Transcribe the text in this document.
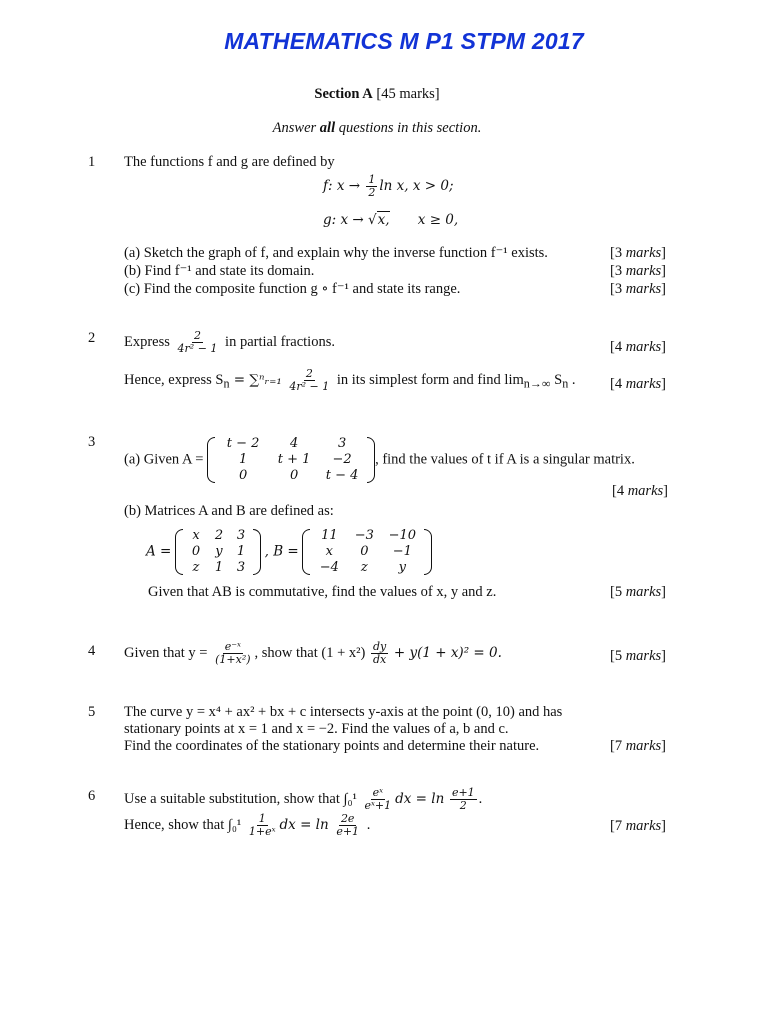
MATHEMATICS M P1 STPM 2017
Section A [45 marks]
Answer all questions in this section.
1 The functions f and g are defined by
f: $x \to \frac{1}{2}$ ln x, x > 0;
g: x → √x, x ≥ 0,
(a) Sketch the graph of f, and explain why the inverse function f⁻¹ exists.	[3 marks]
(b) Find f⁻¹ and state its domain.	[3 marks]
(c) Find the composite function g ∘ f⁻¹ and state its range.	[3 marks]
2 Express $\frac{2}{\text{4r² − 1}}$ in partial fractions.	[4 marks]
Hence, express $S_n$ = ∑ⁿᵣ₌₁ $\frac{2}{\text{4r² − 1}}$ in its simplest form and find $\lim_{n\to\infty} S_n$ . [4 marks]
3
(a) Given A =
t − 2	4	3
1	t + 1	−2
0	0	t − 4
, find the values of t if A is a singular matrix.
[4 marks]
(b) Matrices A and B are defined as:
A =
x	2	3
0	y	1
z	1	3
, B =
11	−3	−10
x	0	−1
−4	z	y
Given that AB is commutative, find the values of x, y and z.	[5 marks]
4 Given that $y = \frac{\text{e⁻ˣ}}{\text{(1+x²)}}$ , show that $(1 + x^2) \frac{dy}{dx} + y(1 + x)^2 = 0$.	[5 marks]
5 The curve y = x⁴ + ax² + bx + c intersects y-axis at the point (0, 10) and has
stationary points at x = 1 and x = −2. Find the values of a, b and c.
Find the coordinates of the stationary points and determine their nature.	[7 marks]
6 Use a suitable substitution, show that $\int_0^1 \frac{\text{eˣ}}{\text{eˣ+1}}$ dx = $\ln \frac{e+1}{2}$ .
Hence, show that $\int_0^1 \frac{1}{\text{1+eˣ}}$ dx = $\ln \frac{2e}{e+1}$ .	[7 marks]
